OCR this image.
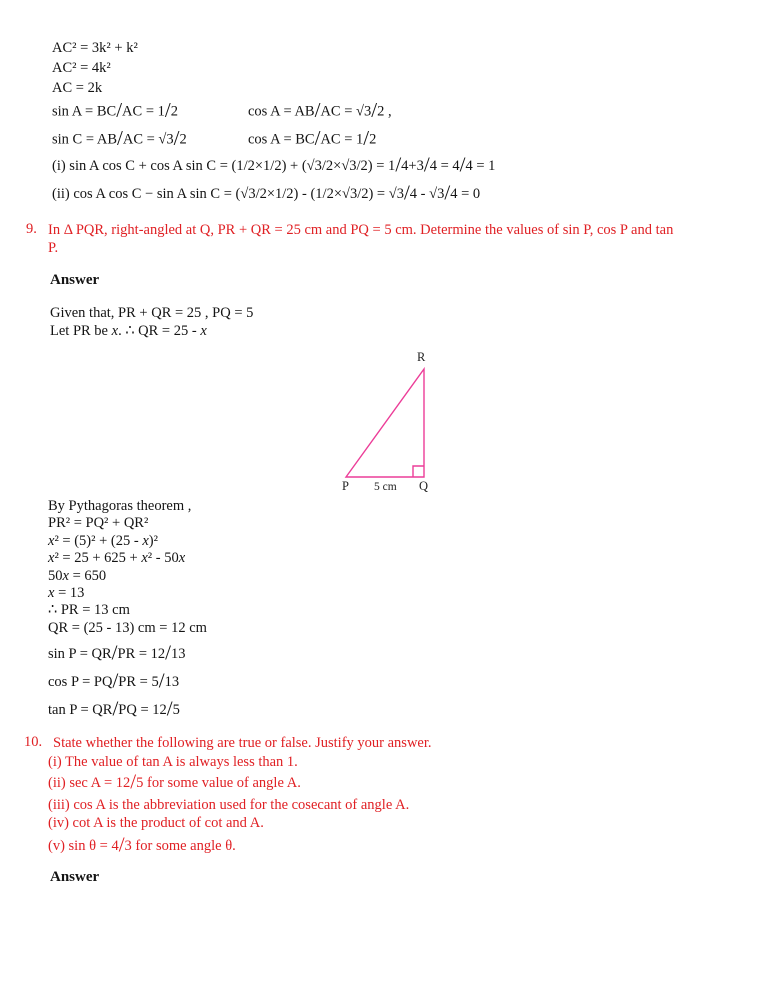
AC² = 3k² + k²
AC² = 4k²
AC = 2k
sin A = BC/AC = 1/2	cos A = AB/AC = √3/2 ,
sin C = AB/AC = √3/2	cos A = BC/AC = 1/2
(i) sin A cos C + cos A sin C = (1/2×1/2) + (√3/2×√3/2) = 1/4+3/4 = 4/4 = 1
(ii) cos A cos C − sin A sin C = (√3/2×1/2) - (1/2×√3/2) = √3/4 - √3/4 = 0
9. In Δ PQR, right-angled at Q, PR + QR = 25 cm and PQ = 5 cm. Determine the values of sin P, cos P and tan
P.
Answer
Given that, PR + QR = 25 , PQ = 5
Let PR be x. ∴ QR = 25 - x
R
P 5 cm Q
By Pythagoras theorem ,
PR² = PQ² + QR²
x² = (5)² + (25 - x)²
x² = 25 + 625 + x² - 50x
50x = 650
x = 13
∴ PR = 13 cm
QR = (25 - 13) cm = 12 cm
sin P = QR/PR = 12/13
cos P = PQ/PR = 5/13
tan P = QR/PQ = 12/5
10. State whether the following are true or false. Justify your answer.
(i) The value of tan A is always less than 1.
(ii) sec A = 12/5 for some value of angle A.
(iii) cos A is the abbreviation used for the cosecant of angle A.
(iv) cot A is the product of cot and A.
(v) sin θ = 4/3 for some angle θ.
Answer
